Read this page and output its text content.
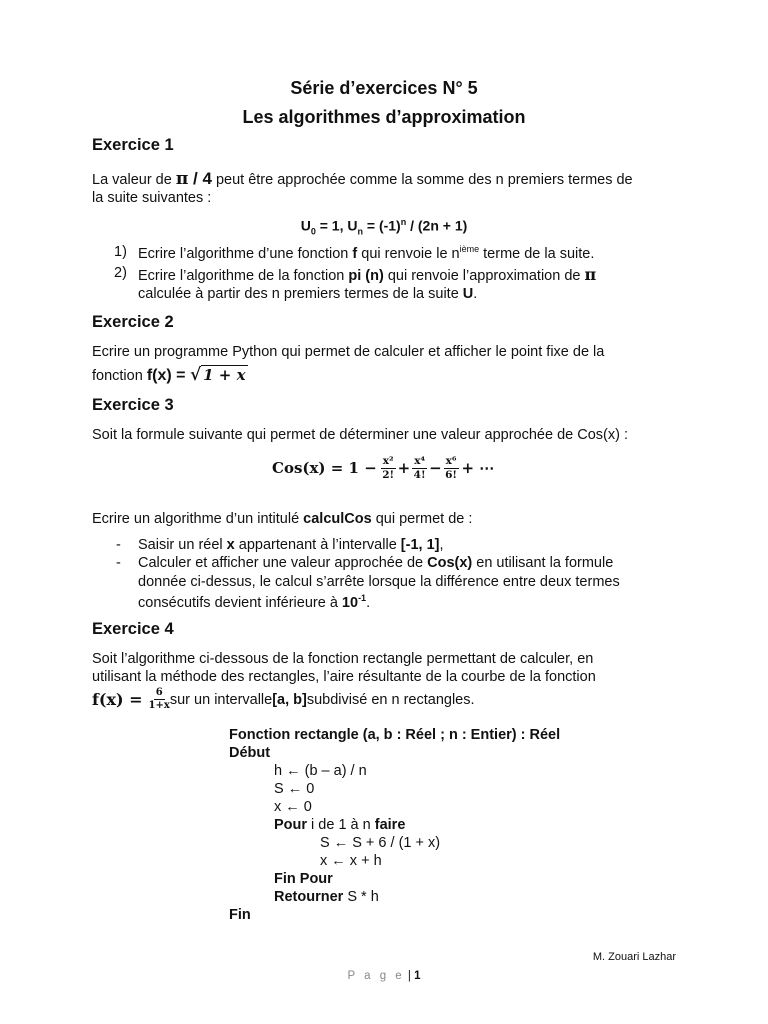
Série d’exercices N° 5
Les algorithmes d’approximation
Exercice 1
La valeur de π / 4 peut être approchée comme la somme des n premiers termes de
la suite suivantes :
$U_0 = 1$, $U_n = (-1)^n / (2n + 1)$
1) Ecrire l’algorithme d’une fonction f qui renvoie le $n^{ième}$ terme de la suite.
2) Ecrire l’algorithme de la fonction pi (n) qui renvoie l’approximation de π
calculée à partir des n premiers termes de la suite U.
Exercice 2
Ecrire un programme Python qui permet de calculer et afficher le point fixe de la
fonction f(x) = √ 1 + x
Exercice 3
Soit la formule suivante qui permet de déterminer une valeur approchée de Cos(x) :
$Cos(x) = 1 - \frac{\text{x²}}{2!} + \frac{\text{x⁴}}{4!} - \frac{\text{x⁶}}{6!}$ + ⋯
Ecrire un algorithme d’un intitulé calculCos qui permet de :
- Saisir un réel x appartenant à l’intervalle [-1, 1],
- Calculer et afficher une valeur approchée de Cos(x) en utilisant la formule
donnée ci-dessus, le calcul s’arrête lorsque la différence entre deux termes
consécutifs devient inférieure à $10^{-1}$.
Exercice 4
Soit l’algorithme ci-dessous de la fonction rectangle permettant de calculer, en
utilisant la méthode des rectangles, l’aire résultante de la courbe de la fonction
$f(x) = \frac{6}{1+x}$ sur un intervalle [a, b] subdivisé en n rectangles.
Fonction rectangle (a, b : Réel ; n : Entier) : Réel
Début
h ← (b – a) / n
S ← 0
x ← 0
Pour i de 1 à n faire
S ← S + 6 / (1 + x)
x ← x + h
Fin Pour
Retourner S * h
Fin
M. Zouari Lazhar
P a g e | 1
